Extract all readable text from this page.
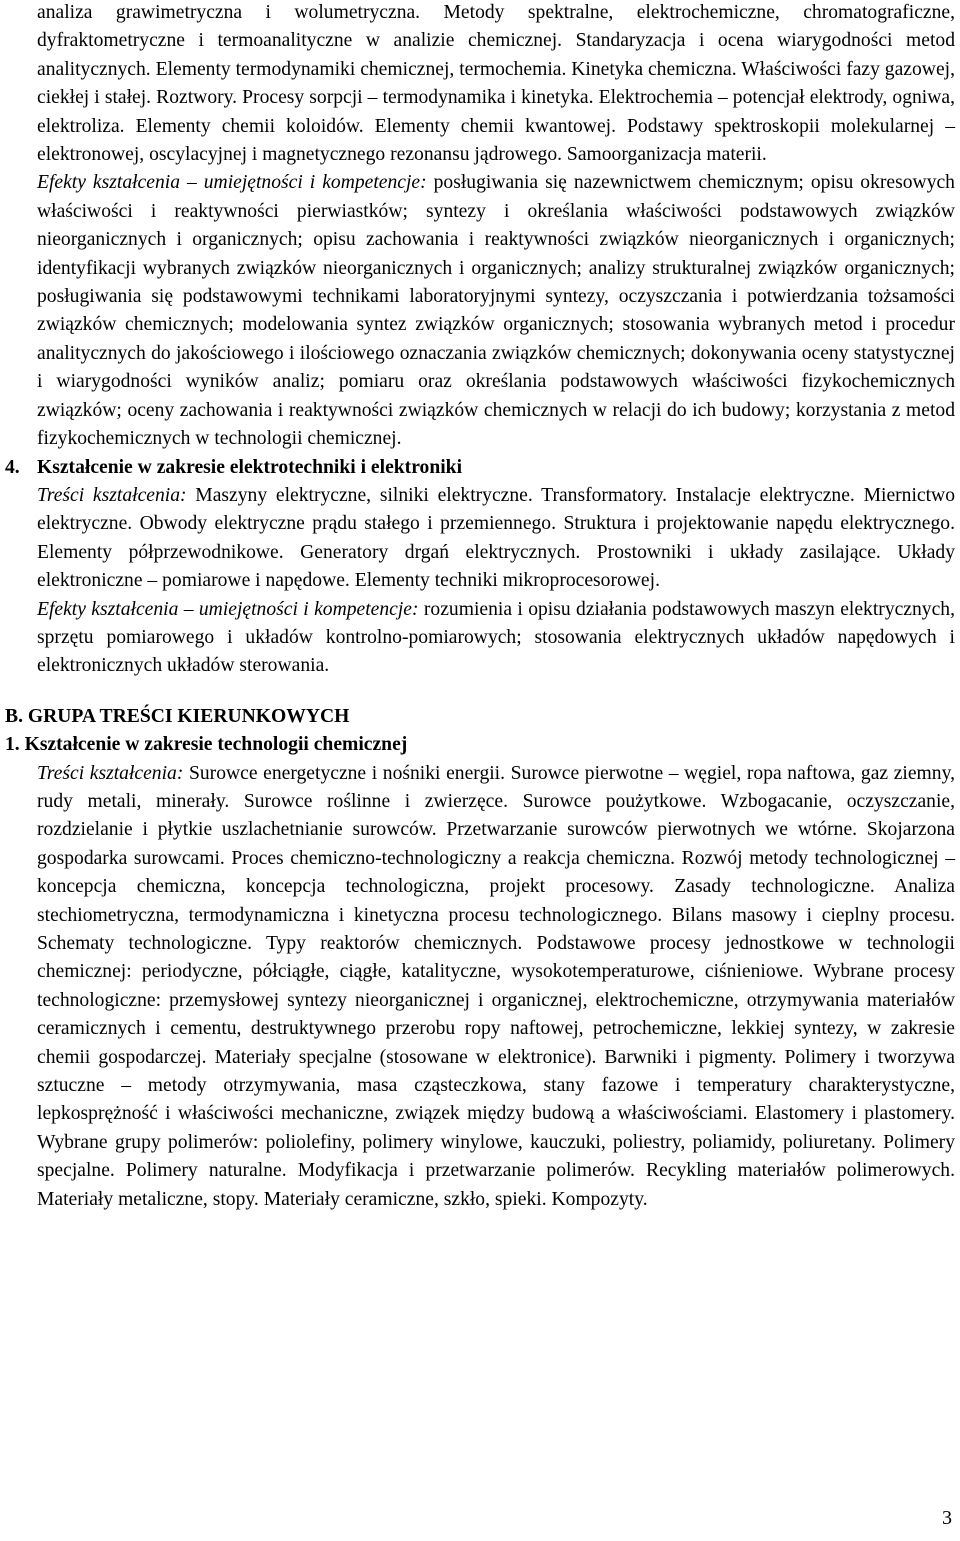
analiza grawimetryczna i wolumetryczna. Metody spektralne, elektrochemiczne, chromatograficzne, dyfraktometryczne i termoanalityczne w analizie chemicznej. Standaryzacja i ocena wiarygodności metod analitycznych. Elementy termodynamiki chemicznej, termochemia. Kinetyka chemiczna. Właściwości fazy gazowej, ciekłej i stałej. Roztwory. Procesy sorpcji – termodynamika i kinetyka. Elektrochemia – potencjał elektrody, ogniwa, elektroliza. Elementy chemii koloidów. Elementy chemii kwantowej. Podstawy spektroskopii molekularnej – elektronowej, oscylacyjnej i magnetycznego rezonansu jądrowego. Samoorganizacja materii.

Efekty kształcenia – umiejętności i kompetencje: posługiwania się nazewnictwem chemicznym; opisu okresowych właściwości i reaktywności pierwiastków; syntezy i określania właściwości podstawowych związków nieorganicznych i organicznych; opisu zachowania i reaktywności związków nieorganicznych i organicznych; identyfikacji wybranych związków nieorganicznych i organicznych; analizy strukturalnej związków organicznych; posługiwania się podstawowymi technikami laboratoryjnymi syntezy, oczyszczania i potwierdzania tożsamości związków chemicznych; modelowania syntez związków organicznych; stosowania wybranych metod i procedur analitycznych do jakościowego i ilościowego oznaczania związków chemicznych; dokonywania oceny statystycznej i wiarygodności wyników analiz; pomiaru oraz określania podstawowych właściwości fizykochemicznych związków; oceny zachowania i reaktywności związków chemicznych w relacji do ich budowy; korzystania z metod fizykochemicznych w technologii chemicznej.

4. Kształcenie w zakresie elektrotechniki i elektroniki

Treści kształcenia: Maszyny elektryczne, silniki elektryczne. Transformatory. Instalacje elektryczne. Miernictwo elektryczne. Obwody elektryczne prądu stałego i przemiennego. Struktura i projektowanie napędu elektrycznego. Elementy półprzewodnikowe. Generatory drgań elektrycznych. Prostowniki i układy zasilające. Układy elektroniczne – pomiarowe i napędowe. Elementy techniki mikroprocesorowej.

Efekty kształcenia – umiejętności i kompetencje: rozumienia i opisu działania podstawowych maszyn elektrycznych, sprzętu pomiarowego i układów kontrolno-pomiarowych; stosowania elektrycznych układów napędowych i elektronicznych układów sterowania.

B. GRUPA TREŚCI KIERUNKOWYCH

1. Kształcenie w zakresie technologii chemicznej

Treści kształcenia: Surowce energetyczne i nośniki energii. Surowce pierwotne – węgiel, ropa naftowa, gaz ziemny, rudy metali, minerały. Surowce roślinne i zwierzęce. Surowce poużytkowe. Wzbogacanie, oczyszczanie, rozdzielanie i płytkie uszlachetnianie surowców. Przetwarzanie surowców pierwotnych we wtórne. Skojarzona gospodarka surowcami. Proces chemiczno-technologiczny a reakcja chemiczna. Rozwój metody technologicznej – koncepcja chemiczna, koncepcja technologiczna, projekt procesowy. Zasady technologiczne. Analiza stechiometryczna, termodynamiczna i kinetyczna procesu technologicznego. Bilans masowy i cieplny procesu. Schematy technologiczne. Typy reaktorów chemicznych. Podstawowe procesy jednostkowe w technologii chemicznej: periodyczne, półciągłe, ciągłe, katalityczne, wysokotemperaturowe, ciśnieniowe. Wybrane procesy technologiczne: przemysłowej syntezy nieorganicznej i organicznej, elektrochemiczne, otrzymywania materiałów ceramicznych i cementu, destruktywnego przerobu ropy naftowej, petrochemiczne, lekkiej syntezy, w zakresie chemii gospodarczej. Materiały specjalne (stosowane w elektronice). Barwniki i pigmenty. Polimery i tworzywa sztuczne – metody otrzymywania, masa cząsteczkowa, stany fazowe i temperatury charakterystyczne, lepkosprężność i właściwości mechaniczne, związek między budową a właściwościami. Elastomery i plastomery. Wybrane grupy polimerów: poliolefiny, polimery winylowe, kauczuki, poliestry, poliamidy, poliuretany. Polimery specjalne. Polimery naturalne. Modyfikacja i przetwarzanie polimerów. Recykling materiałów polimerowych. Materiały metaliczne, stopy. Materiały ceramiczne, szkło, spieki. Kompozyty.

3
